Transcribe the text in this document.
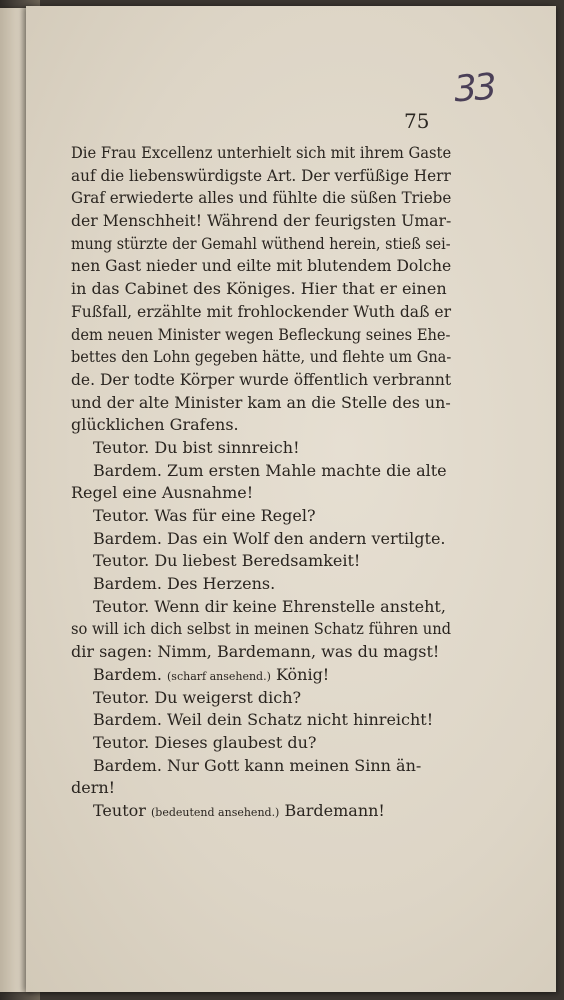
33
75
Die Frau Excellenz unterhielt sich mit ihrem Gaste
auf die liebenswürdigste Art. Der verfüßige Herr
Graf erwiederte alles und fühlte die süßen Triebe
der Menschheit! Während der feurigsten Umar-
mung stürzte der Gemahl wüthend herein, stieß sei-
nen Gast nieder und eilte mit blutendem Dolche
in das Cabinet des Königes. Hier that er einen
Fußfall, erzählte mit frohlockender Wuth daß er
dem neuen Minister wegen Befleckung seines Ehe-
bettes den Lohn gegeben hätte, und flehte um Gna-
de. Der todte Körper wurde öffentlich verbrannt
und der alte Minister kam an die Stelle des un-
glücklichen Grafens.
Teutor. Du bist sinnreich!
Bardem. Zum ersten Mahle machte die alte
Regel eine Ausnahme!
Teutor. Was für eine Regel?
Bardem. Das ein Wolf den andern vertilgte.
Teutor. Du liebest Beredsamkeit!
Bardem. Des Herzens.
Teutor. Wenn dir keine Ehrenstelle ansteht,
so will ich dich selbst in meinen Schatz führen und
dir sagen: Nimm, Bardemann, was du magst!
Bardem. (scharf ansehend.) König!
Teutor. Du weigerst dich?
Bardem. Weil dein Schatz nicht hinreicht!
Teutor. Dieses glaubest du?
Bardem. Nur Gott kann meinen Sinn än-
dern!
Teutor (bedeutend ansehend.) Bardemann!
